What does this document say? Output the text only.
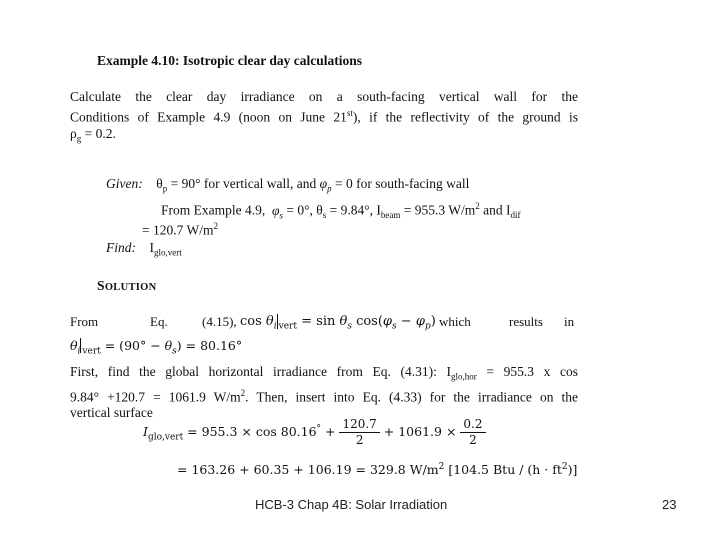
Example 4.10: Isotropic clear day calculations
Calculate the clear day irradiance on a south-facing vertical wall for the
Conditions of Example 4.9 (noon on June 21st), if the reflectivity of the ground is
$\rho_g = 0.2$.
Given:    $\theta_p = 90^\circ$ for vertical wall, and $\varphi_p = 0$ for south-facing wall
From Example 4.9,  $\varphi_s = 0^\circ$, $\theta_s = 9.84^\circ$, $I_{beam} = 955.3$ $W/m^2$ and $I_{dif}$
= 120.7 $W/m^2$
Find:    $I_{glo,vert}$
SOLUTION
From	Eq.	(4.15), $\cos \theta_i$ $_{vert} = \sin \theta_s$ $\cos(\varphi_s - \varphi_p)$ which	results in
$\theta_i$ $_{vert} = (90^\circ - \theta_s) = 80.16^\circ$
First, find the global horizontal irradiance from Eq. (4.31): $I_{glo,hor} = 955.3$ x cos
9.84° +120.7 = 1061.9 $W/m^2$. Then, insert into Eq. (4.33) for the irradiance on the
vertical surface
$I_{glo,vert} = 955.3 \times \cos 80.16^\circ + \frac{120.7}{2} + 1061.9 \times \frac{0.2}{2}$
= 163.26 + 60.35 + 106.19 = 329.8 $W/m^2$ [104.5 Btu / $(h \cdot ft^2)$]
HCB-3 Chap 4B: Solar Irradiation	23
